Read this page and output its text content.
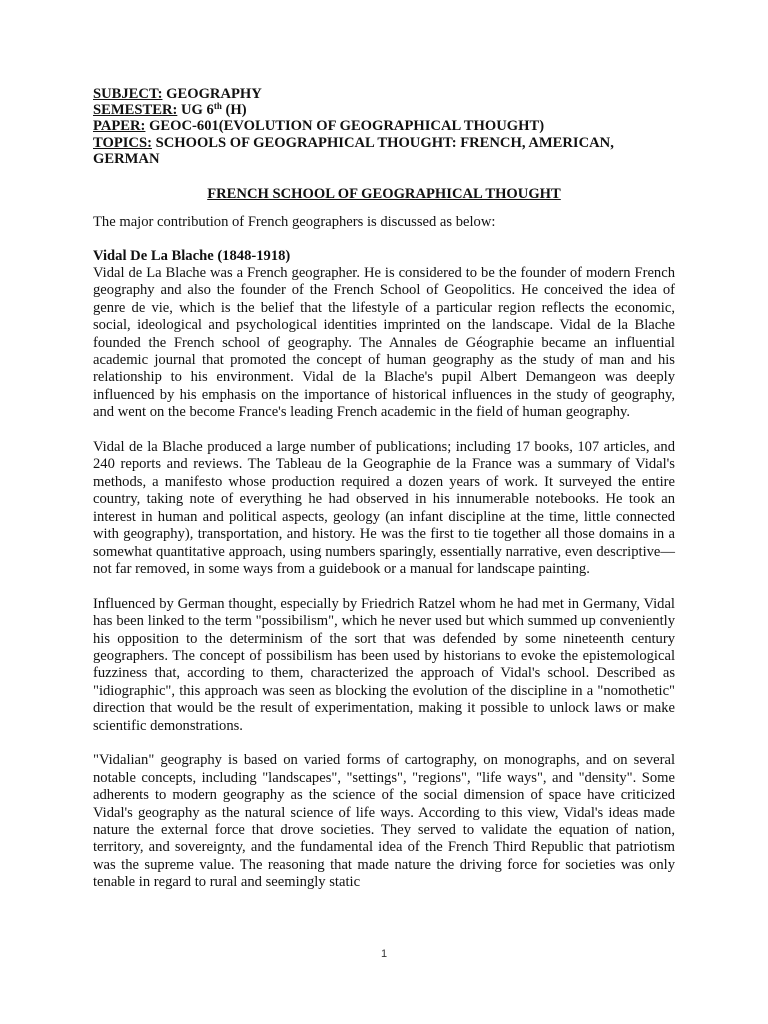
SUBJECT: GEOGRAPHY
SEMESTER: UG 6th (H)
PAPER: GEOC-601(EVOLUTION OF GEOGRAPHICAL THOUGHT)
TOPICS: SCHOOLS OF GEOGRAPHICAL THOUGHT: FRENCH, AMERICAN, GERMAN
FRENCH SCHOOL OF GEOGRAPHICAL THOUGHT
The major contribution of French geographers is discussed as below:
Vidal De La Blache (1848-1918)

Vidal de La Blache was a French geographer. He is considered to be the founder of modern French geography and also the founder of the French School of Geopolitics. He conceived the idea of genre de vie, which is the belief that the lifestyle of a particular region reflects the economic, social, ideological and psychological identities imprinted on the landscape. Vidal de la Blache founded the French school of geography. The Annales de Géographie became an influential academic journal that promoted the concept of human geography as the study of man and his relationship to his environment. Vidal de la Blache's pupil Albert Demangeon was deeply influenced by his emphasis on the importance of historical influences in the study of geography, and went on the become France's leading French academic in the field of human geography.

Vidal de la Blache produced a large number of publications; including 17 books, 107 articles, and 240 reports and reviews. The Tableau de la Geographie de la France was a summary of Vidal's methods, a manifesto whose production required a dozen years of work. It surveyed the entire country, taking note of everything he had observed in his innumerable notebooks. He took an interest in human and political aspects, geology (an infant discipline at the time, little connected with geography), transportation, and history. He was the first to tie together all those domains in a somewhat quantitative approach, using numbers sparingly, essentially narrative, even descriptive—not far removed, in some ways from a guidebook or a manual for landscape painting.

Influenced by German thought, especially by Friedrich Ratzel whom he had met in Germany, Vidal has been linked to the term "possibilism", which he never used but which summed up conveniently his opposition to the determinism of the sort that was defended by some nineteenth century geographers. The concept of possibilism has been used by historians to evoke the epistemological fuzziness that, according to them, characterized the approach of Vidal's school. Described as "idiographic", this approach was seen as blocking the evolution of the discipline in a "nomothetic" direction that would be the result of experimentation, making it possible to unlock laws or make scientific demonstrations.

"Vidalian" geography is based on varied forms of cartography, on monographs, and on several notable concepts, including "landscapes", "settings", "regions", "life ways", and "density". Some adherents to modern geography as the science of the social dimension of space have criticized Vidal's geography as the natural science of life ways. According to this view, Vidal's ideas made nature the external force that drove societies. They served to validate the equation of nation, territory, and sovereignty, and the fundamental idea of the French Third Republic that patriotism was the supreme value. The reasoning that made nature the driving force for societies was only tenable in regard to rural and seemingly static

1
